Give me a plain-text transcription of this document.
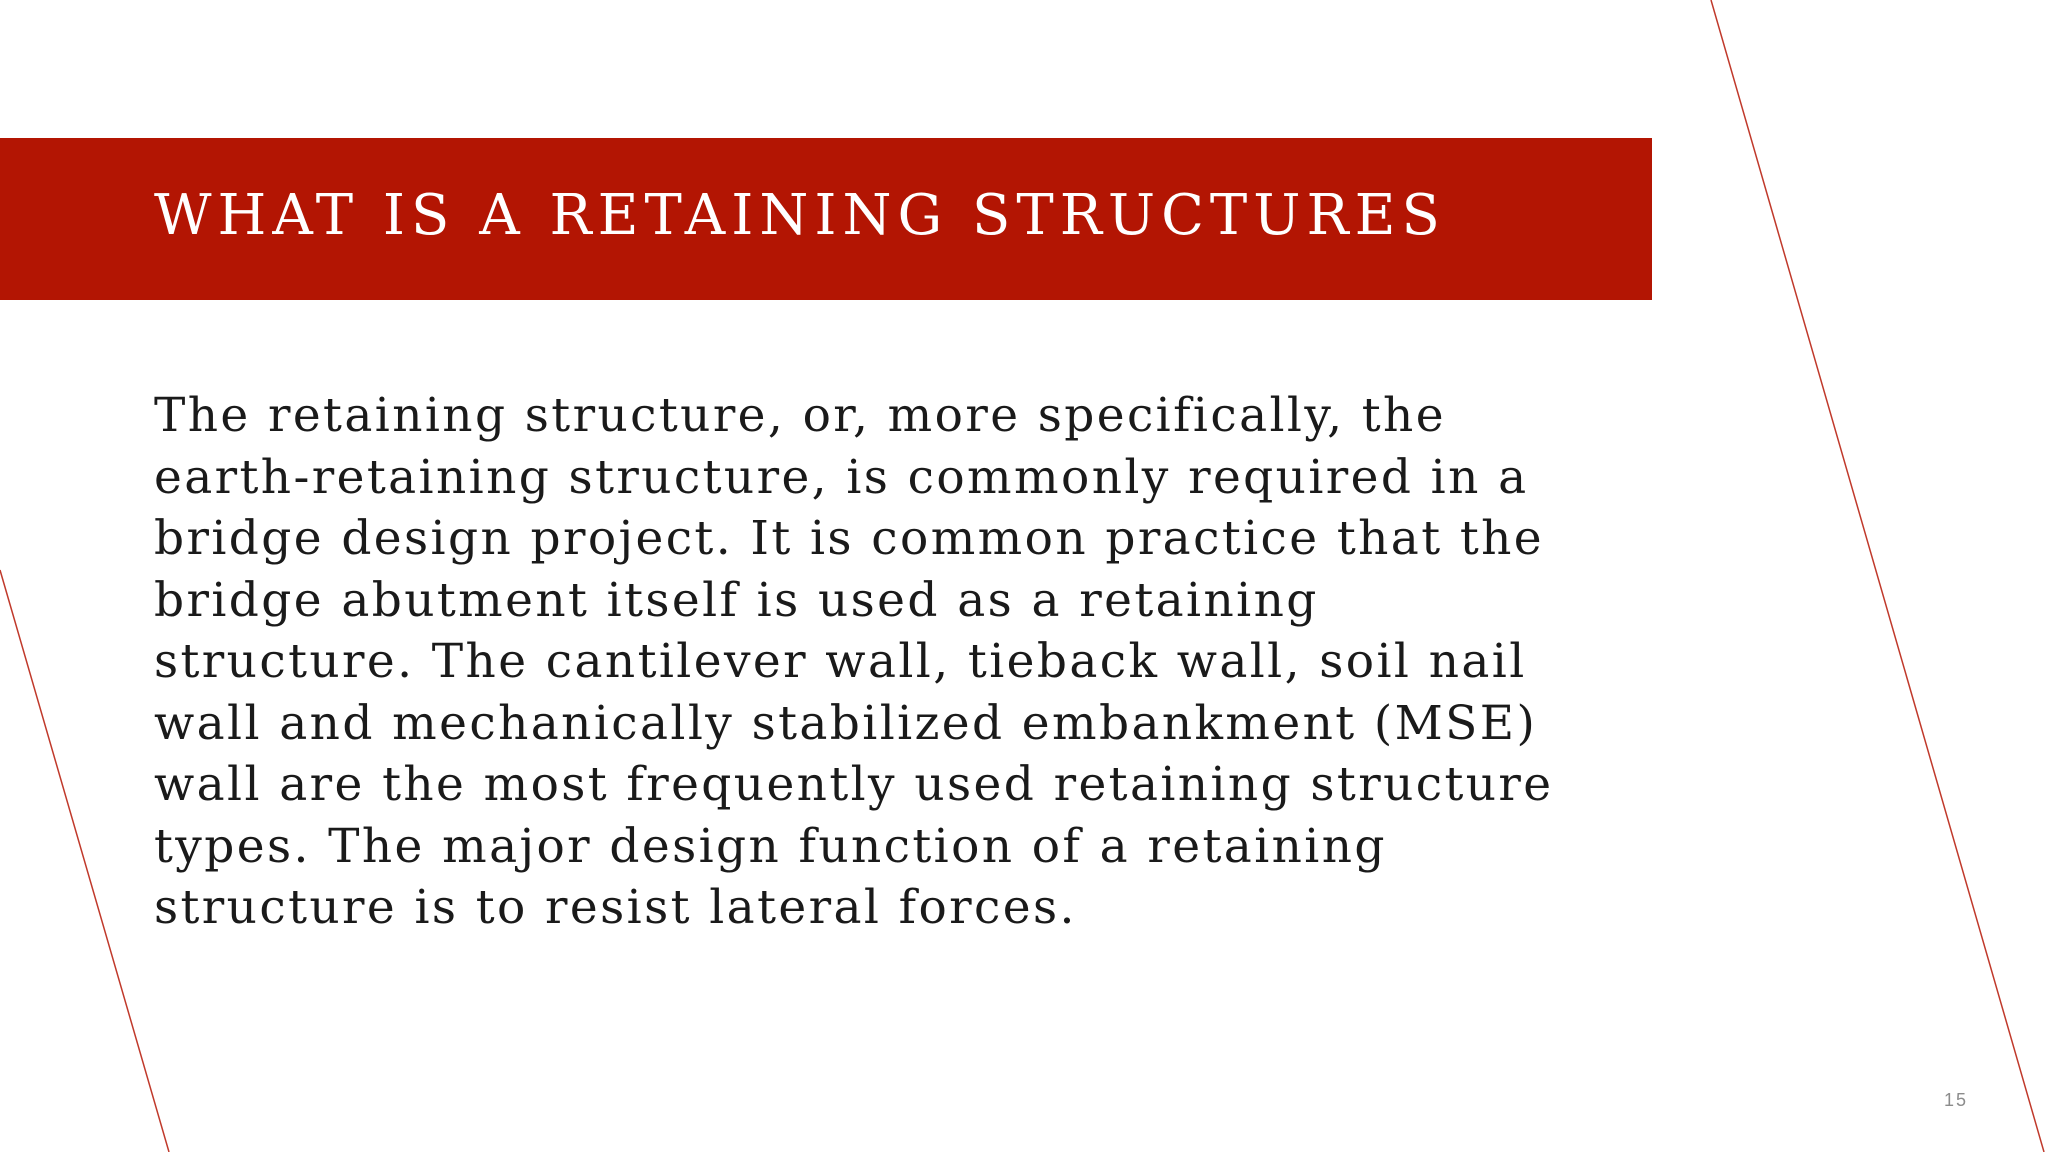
WHAT IS A RETAINING STRUCTURES

The retaining structure, or, more specifically, the

earth-retaining structure, is commonly required in a

bridge design project. It is common practice that the

bridge abutment itself is used as a retaining

structure. The cantilever wall, tieback wall, soil nail

wall and mechanically stabilized embankment (MSE)

wall are the most frequently used retaining structure

types. The major design function of a retaining

structure is to resist lateral forces.

15
